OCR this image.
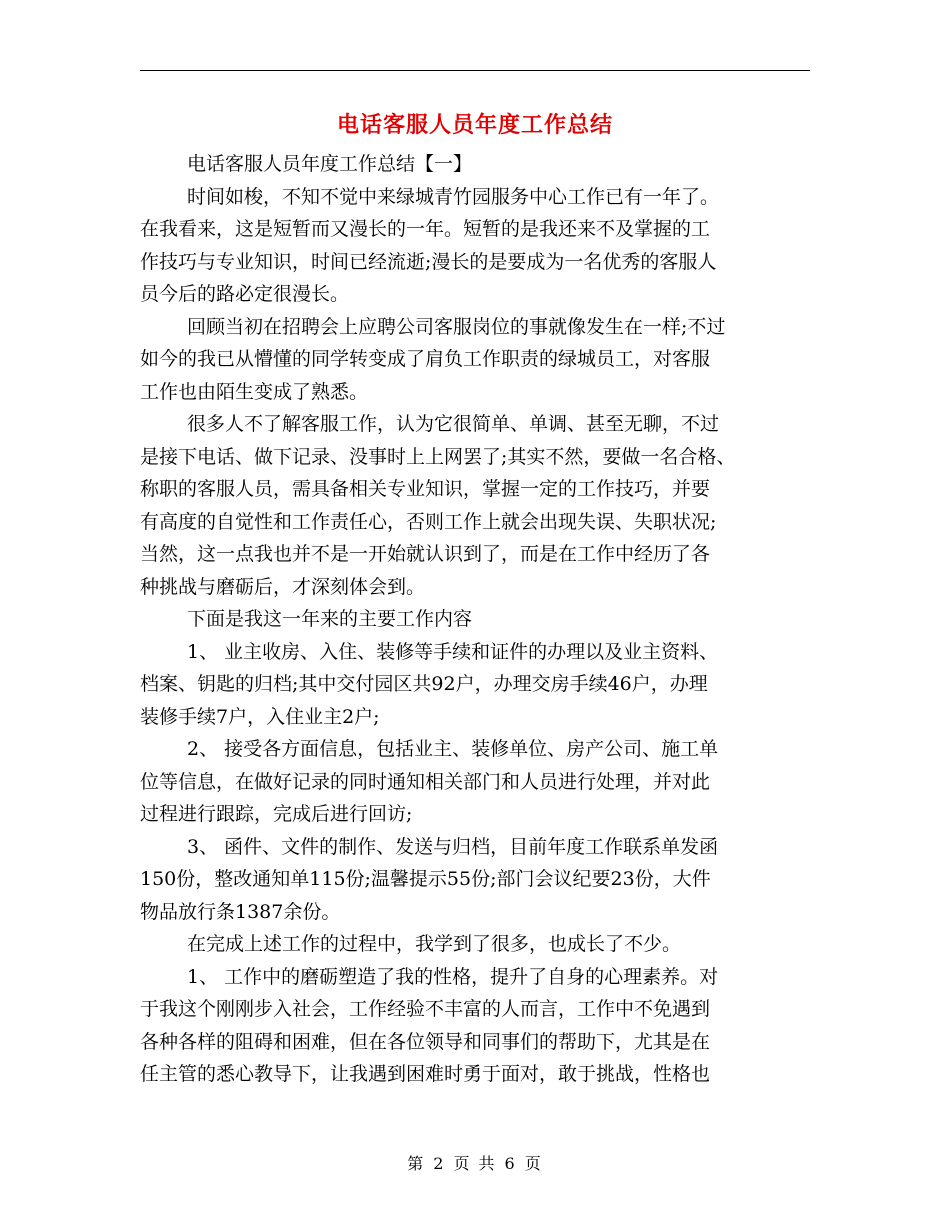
电话客服人员年度工作总结
电话客服人员年度工作总结【一】
时间如梭，不知不觉中来绿城青竹园服务中心工作已有一年了。
在我看来，这是短暂而又漫长的一年。短暂的是我还来不及掌握的工
作技巧与专业知识，时间已经流逝;漫长的是要成为一名优秀的客服人
员今后的路必定很漫长。
回顾当初在招聘会上应聘公司客服岗位的事就像发生在一样;不过
如今的我已从懵懂的同学转变成了肩负工作职责的绿城员工，对客服
工作也由陌生变成了熟悉。
很多人不了解客服工作，认为它很简单、单调、甚至无聊，不过
是接下电话、做下记录、没事时上上网罢了;其实不然，要做一名合格、
称职的客服人员，需具备相关专业知识，掌握一定的工作技巧，并要
有高度的自觉性和工作责任心，否则工作上就会出现失误、失职状况;
当然，这一点我也并不是一开始就认识到了，而是在工作中经历了各
种挑战与磨砺后，才深刻体会到。
下面是我这一年来的主要工作内容
1、 业主收房、入住、装修等手续和证件的办理以及业主资料、
档案、钥匙的归档;其中交付园区共92户，办理交房手续46户，办理
装修手续7户，入住业主2户;
2、 接受各方面信息，包括业主、装修单位、房产公司、施工单
位等信息，在做好记录的同时通知相关部门和人员进行处理，并对此
过程进行跟踪，完成后进行回访;
3、 函件、文件的制作、发送与归档，目前年度工作联系单发函
150份，整改通知单115份;温馨提示55份;部门会议纪要23份，大件
物品放行条1387余份。
在完成上述工作的过程中，我学到了很多，也成长了不少。
1、 工作中的磨砺塑造了我的性格，提升了自身的心理素养。对
于我这个刚刚步入社会，工作经验不丰富的人而言，工作中不免遇到
各种各样的阻碍和困难，但在各位领导和同事们的帮助下，尤其是在
任主管的悉心教导下，让我遇到困难时勇于面对，敢于挑战，性格也
第 2 页 共 6 页
